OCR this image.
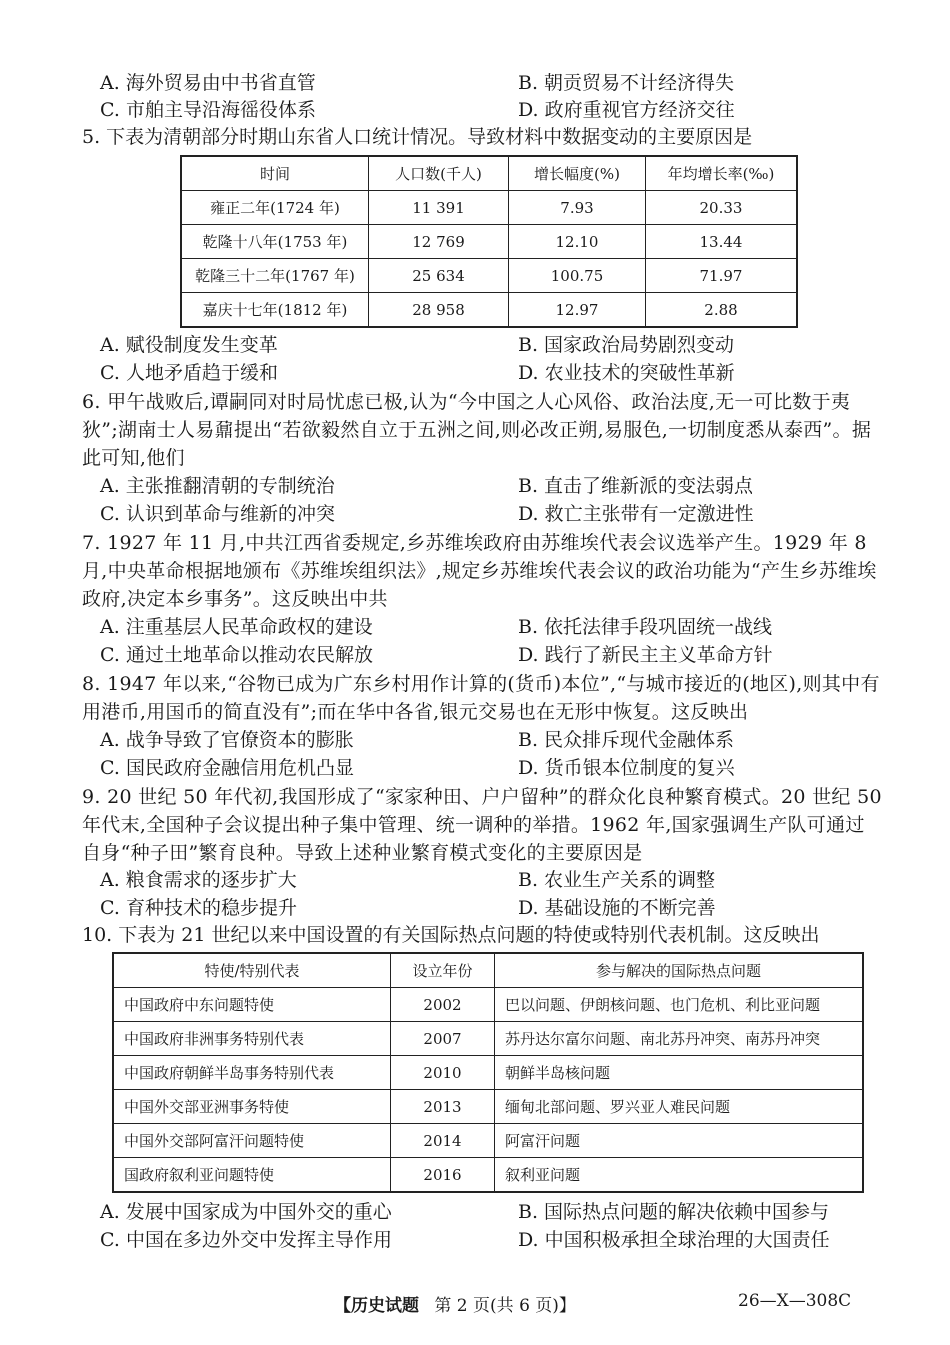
A. 海外贸易由中书省直管	B. 朝贡贸易不计经济得失
C. 市舶主导沿海徭役体系	D. 政府重视官方经济交往
5. 下表为清朝部分时期山东省人口统计情况。导致材料中数据变动的主要原因是
时间	人口数(千人)	增长幅度(%)	年均增长率(‰)
雍正二年(1724 年)	11 391	7.93	20.33
乾隆十八年(1753 年)	12 769	12.10	13.44
乾隆三十二年(1767 年)	25 634	100.75	71.97
嘉庆十七年(1812 年)	28 958	12.97	2.88
A. 赋役制度发生变革	B. 国家政治局势剧烈变动
C. 人地矛盾趋于缓和	D. 农业技术的突破性革新
6. 甲午战败后,谭嗣同对时局忧虑已极,认为“今中国之人心风俗、政治法度,无一可比数于夷狄”;湖南士人易鼐提出“若欲毅然自立于五洲之间,则必改正朔,易服色,一切制度悉从泰西”。据此可知,他们
A. 主张推翻清朝的专制统治	B. 直击了维新派的变法弱点
C. 认识到革命与维新的冲突	D. 救亡主张带有一定激进性
7. 1927 年 11 月,中共江西省委规定,乡苏维埃政府由苏维埃代表会议选举产生。1929 年 8 月,中央革命根据地颁布《苏维埃组织法》,规定乡苏维埃代表会议的政治功能为“产生乡苏维埃政府,决定本乡事务”。这反映出中共
A. 注重基层人民革命政权的建设	B. 依托法律手段巩固统一战线
C. 通过土地革命以推动农民解放	D. 践行了新民主主义革命方针
8. 1947 年以来,“谷物已成为广东乡村用作计算的(货币)本位”,“与城市接近的(地区),则其中有用港币,用国币的简直没有”;而在华中各省,银元交易也在无形中恢复。这反映出
A. 战争导致了官僚资本的膨胀	B. 民众排斥现代金融体系
C. 国民政府金融信用危机凸显	D. 货币银本位制度的复兴
9. 20 世纪 50 年代初,我国形成了“家家种田、户户留种”的群众化良种繁育模式。20 世纪 50 年代末,全国种子会议提出种子集中管理、统一调种的举措。1962 年,国家强调生产队可通过自身“种子田”繁育良种。导致上述种业繁育模式变化的主要原因是
A. 粮食需求的逐步扩大	B. 农业生产关系的调整
C. 育种技术的稳步提升	D. 基础设施的不断完善
10. 下表为 21 世纪以来中国设置的有关国际热点问题的特使或特别代表机制。这反映出
特使/特别代表	设立年份	参与解决的国际热点问题
中国政府中东问题特使	2002	巴以问题、伊朗核问题、也门危机、利比亚问题
中国政府非洲事务特别代表	2007	苏丹达尔富尔问题、南北苏丹冲突、南苏丹冲突
中国政府朝鲜半岛事务特别代表	2010	朝鲜半岛核问题
中国外交部亚洲事务特使	2013	缅甸北部问题、罗兴亚人难民问题
中国外交部阿富汗问题特使	2014	阿富汗问题
国政府叙利亚问题特使	2016	叙利亚问题
A. 发展中国家成为中国外交的重心	B. 国际热点问题的解决依赖中国参与
C. 中国在多边外交中发挥主导作用	D. 中国积极承担全球治理的大国责任
【历史试题 第 2 页(共 6 页)】	26—X—308C
